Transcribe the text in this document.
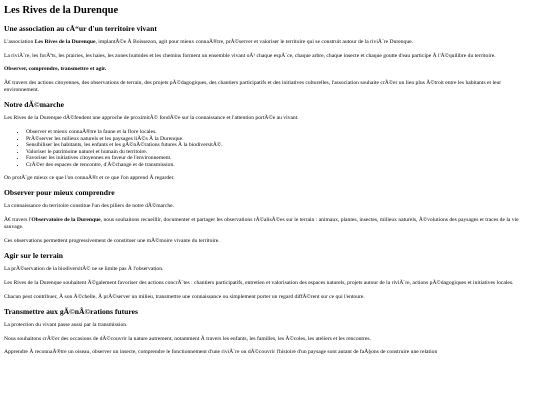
Les Rives de la Durenque
Une association au cÅ“ur d'un territoire vivant

L'association Les Rives de la Durenque, implantÃ©e Ã Boissezon, agit pour mieux connaÃ®tre, prÃ©server et valoriser le territoire qui se construit autour de la riviÃ¨re Durenque.

La riviÃ¨re, les forÃªts, les prairies, les haies, les zones humides et les chemins forment un ensemble vivant oÃ¹ chaque espÃ¨ce, chaque arbre, chaque insecte et chaque goutte d'eau participe Ã l'Ã©quilibre du territoire.

Observer, comprendre, transmettre et agir.

Ã€ travers des actions citoyennes, des observations de terrain, des projets pÃ©dagogiques, des chantiers participatifs et des initiatives culturelles, l'association souhaite crÃ©er un lien plus Ã©troit entre les habitants et leur environnement.

Notre dÃ©marche

Les Rives de la Durenque dÃ©fendent une approche de proximitÃ© fondÃ©e sur la connaissance et l'attention portÃ©e au vivant.

• Observer et mieux connaÃ®tre la faune et la flore locales.
• PrÃ©server les milieux naturels et les paysages liÃ©s Ã la Durenque.
• Sensibiliser les habitants, les enfants et les gÃ©nÃ©rations futures Ã la biodiversitÃ©.
• Valoriser le patrimoine naturel et humain du territoire.
• Favoriser les initiatives citoyennes en faveur de l'environnement.
• CrÃ©er des espaces de rencontre, d'Ã©change et de transmission.

On protÃ¨ge mieux ce que l'on connaÃ®t et ce que l'on apprend Ã regarder.

Observer pour mieux comprendre

La connaissance du territoire constitue l'un des piliers de notre dÃ©marche.

Ã€ travers l'Observatoire de la Durenque, nous souhaitons recueillir, documenter et partager les observations rÃ©alisÃ©es sur le terrain : animaux, plantes, insectes, milieux naturels, Ã©volutions des paysages et traces de la vie sauvage.

Ces observations permettent progressivement de constituer une mÃ©moire vivante du territoire.

Agir sur le terrain

La prÃ©servation de la biodiversitÃ© ne se limite pas Ã l'observation.

Les Rives de la Durenque souhaitent Ã©galement favoriser des actions concrÃ¨tes : chantiers participatifs, entretien et valorisation des espaces naturels, projets autour de la riviÃ¨re, actions pÃ©dagogiques et initiatives locales.

Chacun peut contribuer, Ã son Ã©chelle, Ã prÃ©server un milieu, transmettre une connaissance ou simplement porter un regard diffÃ©rent sur ce qui l'entoure.

Transmettre aux gÃ©nÃ©rations futures

La protection du vivant passe aussi par la transmission.

Nous souhaitons crÃ©er des occasions de dÃ©couvrir la nature autrement, notamment Ã travers les enfants, les familles, les Ã©coles, les ateliers et les rencontres.

Apprendre Ã reconnaÃ®tre un oiseau, observer un insecte, comprendre le fonctionnement d'une riviÃ¨re ou dÃ©couvrir l'histoire d'un paysage sont autant de faÃ§ons de construire une relation
